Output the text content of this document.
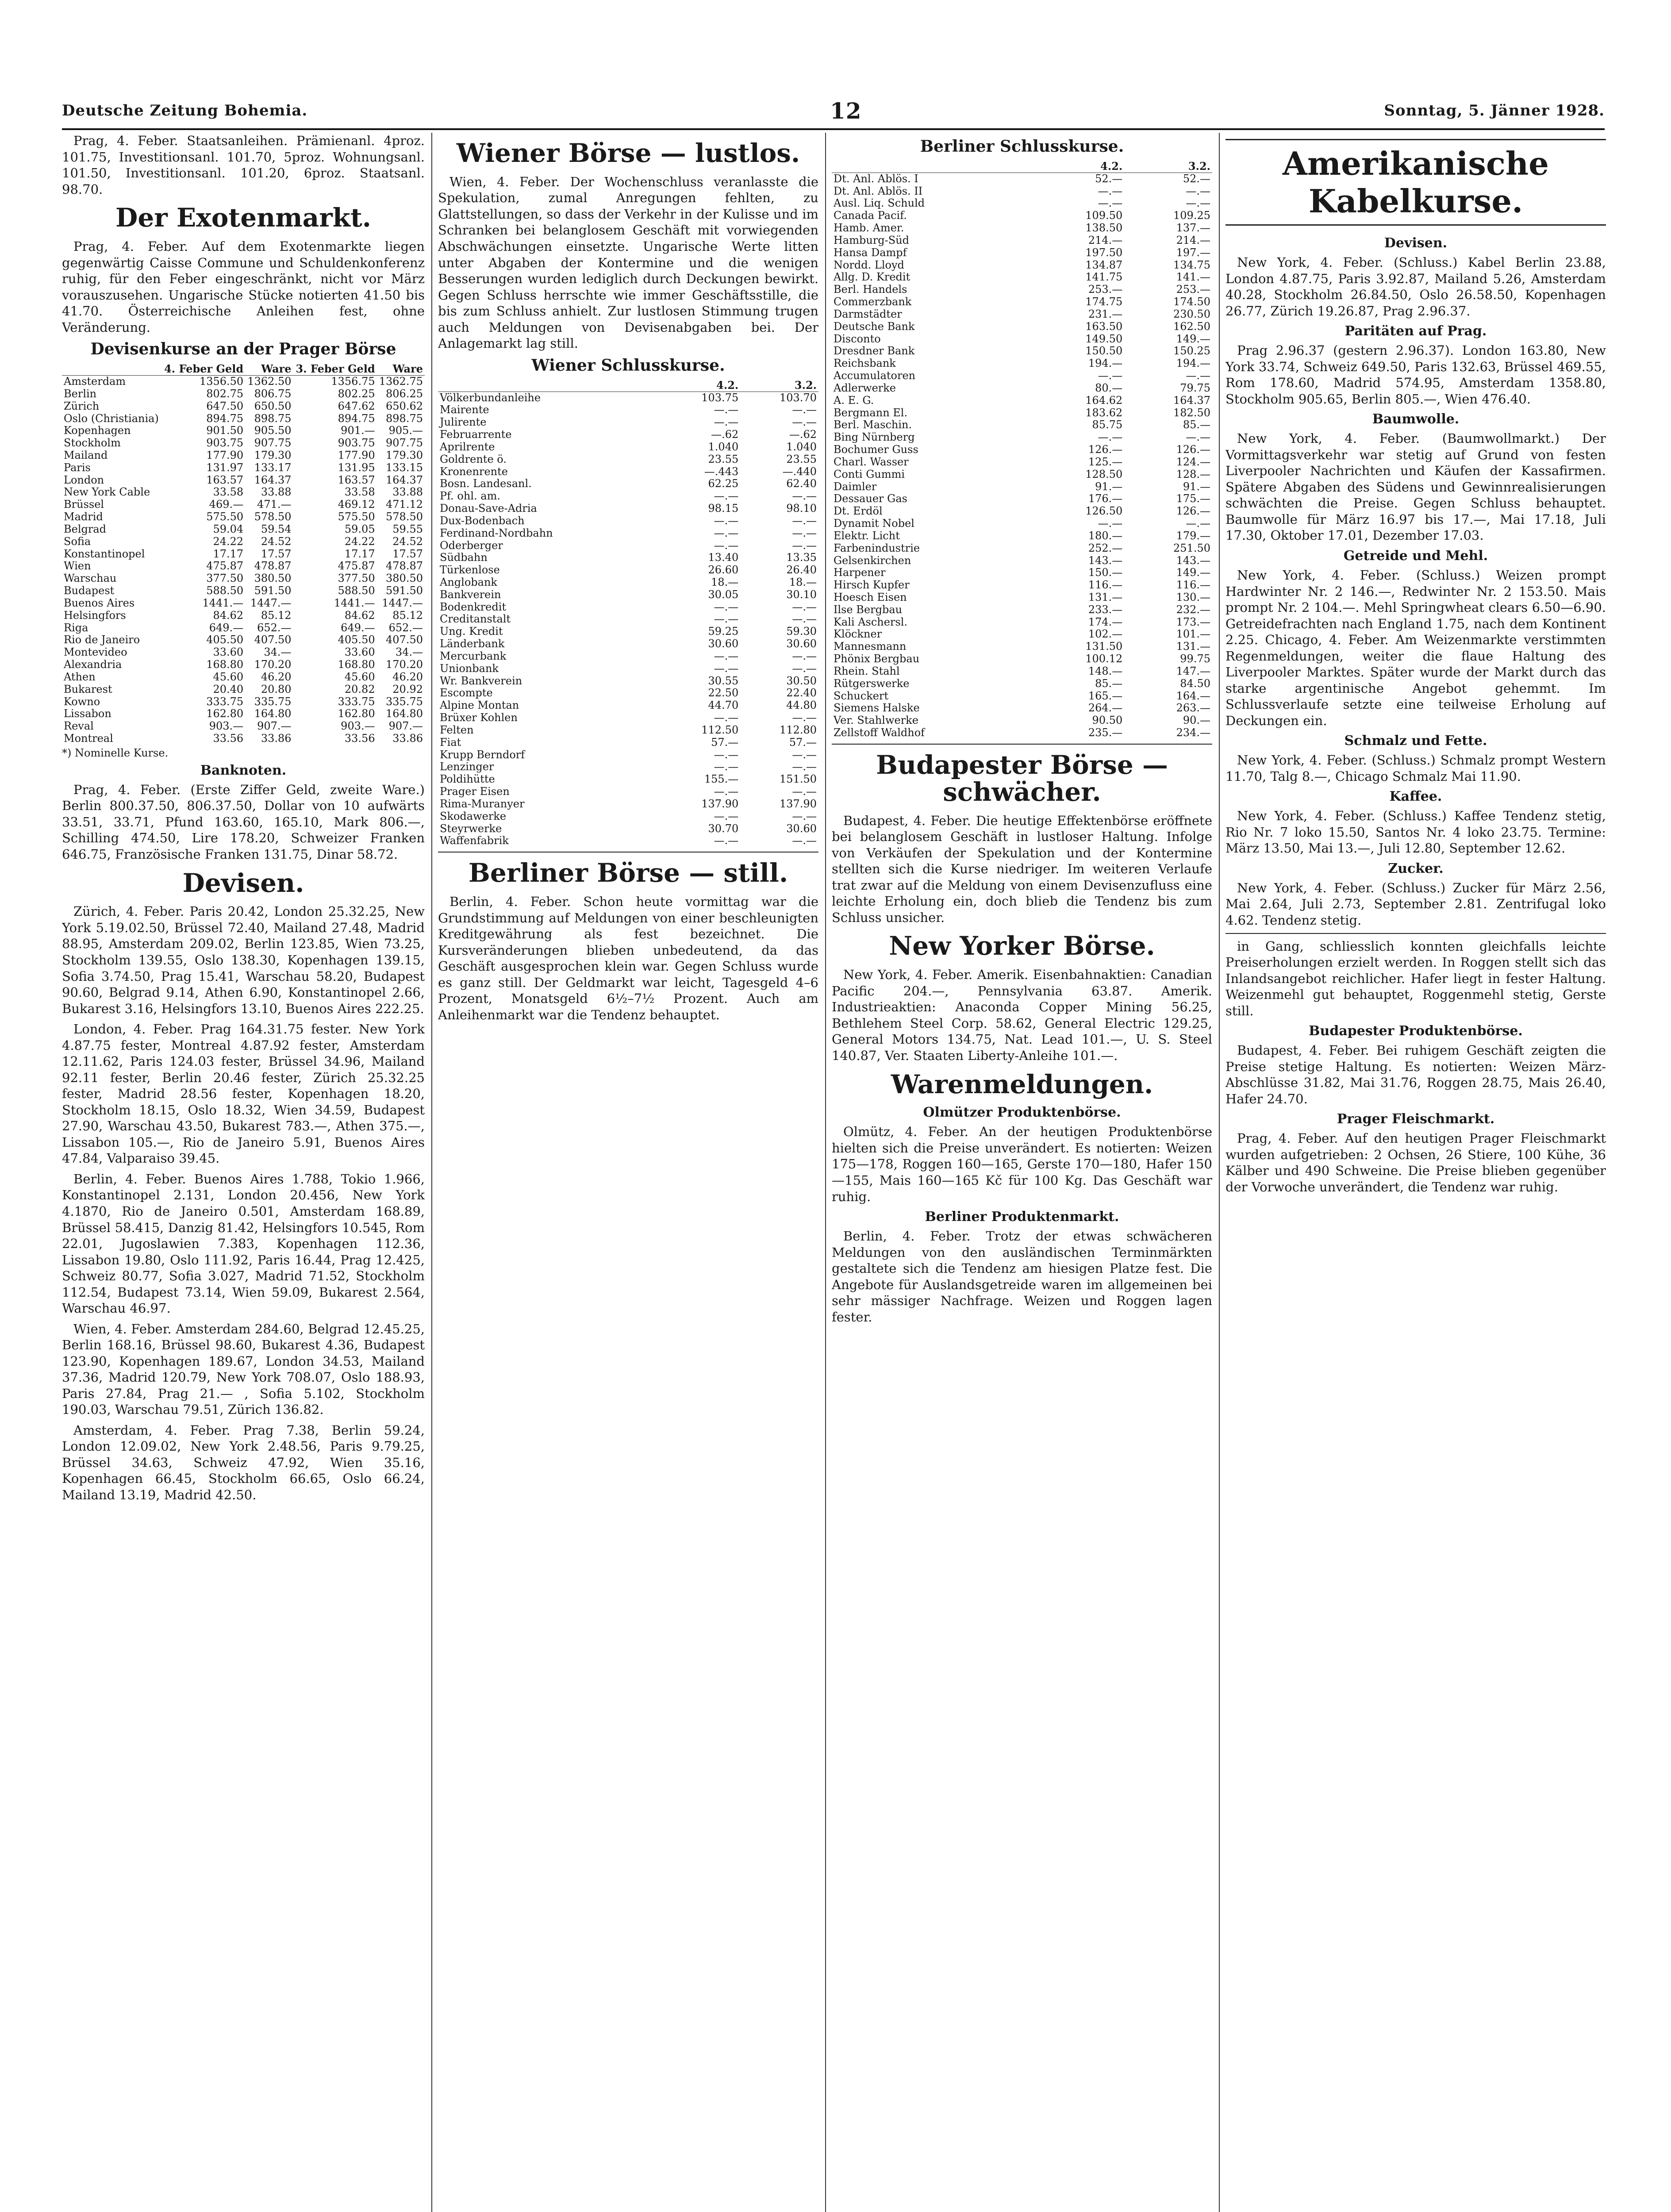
Deutsche Zeitung Bohemia.	12	Sonntag, 5. Jänner 1928.

Prag, 4. Feber. Staatsanleihen. Prämienanl. 4proz. 101.75, Investitionsanl. 101.70, 5proz. Wohnungsanl. 101.50, Investitionsanl. 101.20, 6proz. Staatsanl. 98.70.

Der Exotenmarkt.

Prag, 4. Feber. Auf dem Exotenmarkte liegen gegenwärtig Caisse Commune und Schuldenkonferenz ruhig, für den Feber eingeschränkt, nicht vor März vorauszusehen. Ungarische Stücke notierten 41.50 bis 41.70. Österreichische Anleihen fest, ohne Veränderung.

Devisenkurse an der Prager Börse
	4. Feber Geld	Ware	3. Feber Geld	Ware
Amsterdam	1356.50	1362.50	1356.75	1362.75
Berlin	802.75	806.75	802.25	806.25
Zürich	647.50	650.50	647.62	650.62
Oslo (Christiania)	894.75	898.75	894.75	898.75
Kopenhagen	901.50	905.50	901.—	905.—
Stockholm	903.75	907.75	903.75	907.75
Mailand	177.90	179.30	177.90	179.30
Paris	131.97	133.17	131.95	133.15
London	163.57	164.37	163.57	164.37
New York Cable	33.58	33.88	33.58	33.88
Brüssel	469.—	471.—	469.12	471.12
Madrid	575.50	578.50	575.50	578.50
Belgrad	59.04	59.54	59.05	59.55
Sofia	24.22	24.52	24.22	24.52
Konstantinopel	17.17	17.57	17.17	17.57
Wien	475.87	478.87	475.87	478.87
Warschau	377.50	380.50	377.50	380.50
Budapest	588.50	591.50	588.50	591.50
Buenos Aires	1441.—	1447.—	1441.—	1447.—
Helsingfors	84.62	85.12	84.62	85.12
Riga	649.—	652.—	649.—	652.—
Rio de Janeiro	405.50	407.50	405.50	407.50
Montevideo	33.60	34.—	33.60	34.—
Alexandria	168.80	170.20	168.80	170.20
Athen	45.60	46.20	45.60	46.20
Bukarest	20.40	20.80	20.82	20.92
Kowno	333.75	335.75	333.75	335.75
Lissabon	162.80	164.80	162.80	164.80
Reval	903.—	907.—	903.—	907.—
Montreal	33.56	33.86	33.56	33.86
*) Nominelle Kurse.
Banknoten.

Prag, 4. Feber. (Erste Ziffer Geld, zweite Ware.) Berlin 800.37.50, 806.37.50, Dollar von 10 aufwärts 33.51, 33.71, Pfund 163.60, 165.10, Mark 806.—, Schilling 474.50, Lire 178.20, Schweizer Franken 646.75, Französische Franken 131.75, Dinar 58.72.

Devisen.

Zürich, 4. Feber. Paris 20.42, London 25.32.25, New York 5.19.02.50, Brüssel 72.40, Mailand 27.48, Madrid 88.95, Amsterdam 209.02, Berlin 123.85, Wien 73.25, Stockholm 139.55, Oslo 138.30, Kopenhagen 139.15, Sofia 3.74.50, Prag 15.41, Warschau 58.20, Budapest 90.60, Belgrad 9.14, Athen 6.90, Konstantinopel 2.66, Bukarest 3.16, Helsingfors 13.10, Buenos Aires 222.25.

London, 4. Feber. Prag 164.31.75 fester. New York 4.87.75 fester, Montreal 4.87.92 fester, Amsterdam 12.11.62, Paris 124.03 fester, Brüssel 34.96, Mailand 92.11 fester, Berlin 20.46 fester, Zürich 25.32.25 fester, Madrid 28.56 fester, Kopenhagen 18.20, Stockholm 18.15, Oslo 18.32, Wien 34.59, Budapest 27.90, Warschau 43.50, Bukarest 783.—, Athen 375.—, Lissabon 105.—, Rio de Janeiro 5.91, Buenos Aires 47.84, Valparaiso 39.45.

Berlin, 4. Feber. Buenos Aires 1.788, Tokio 1.966, Konstantinopel 2.131, London 20.456, New York 4.1870, Rio de Janeiro 0.501, Amsterdam 168.89, Brüssel 58.415, Danzig 81.42, Helsingfors 10.545, Rom 22.01, Jugoslawien 7.383, Kopenhagen 112.36, Lissabon 19.80, Oslo 111.92, Paris 16.44, Prag 12.425, Schweiz 80.77, Sofia 3.027, Madrid 71.52, Stockholm 112.54, Budapest 73.14, Wien 59.09, Bukarest 2.564, Warschau 46.97.

Wien, 4. Feber. Amsterdam 284.60, Belgrad 12.45.25, Berlin 168.16, Brüssel 98.60, Bukarest 4.36, Budapest 123.90, Kopenhagen 189.67, London 34.53, Mailand 37.36, Madrid 120.79, New York 708.07, Oslo 188.93, Paris 27.84, Prag 21.— , Sofia 5.102, Stockholm 190.03, Warschau 79.51, Zürich 136.82.

Amsterdam, 4. Feber. Prag 7.38, Berlin 59.24, London 12.09.02, New York 2.48.56, Paris 9.79.25, Brüssel 34.63, Schweiz 47.92, Wien 35.16, Kopenhagen 66.45, Stockholm 66.65, Oslo 66.24, Mailand 13.19, Madrid 42.50.

Wiener Börse — lustlos.

Wien, 4. Feber. Der Wochenschluss veranlasste die Spekulation, zumal Anregungen fehlten, zu Glattstellungen, so dass der Verkehr in der Kulisse und im Schranken bei belanglosem Geschäft mit vorwiegenden Abschwächungen einsetzte. Ungarische Werte litten unter Abgaben der Kontermine und die wenigen Besserungen wurden lediglich durch Deckungen bewirkt. Gegen Schluss herrschte wie immer Geschäftsstille, die bis zum Schluss anhielt. Zur lustlosen Stimmung trugen auch Meldungen von Devisenabgaben bei. Der Anlagemarkt lag still.

Wiener Schlusskurse.
	4.2.	3.2.
Völkerbundanleihe	103.75	103.70
Mairente	—.—	—.—
Julirente	—.—	—.—
Februarrente	—.62	—.62
Aprilrente	1.040	1.040
Goldrente ö.	23.55	23.55
Kronenrente	—.443	—.440
Bosn. Landesanl.	62.25	62.40
Pf. ohl. am.	—.—	—.—
Donau-Save-Adria	98.15	98.10
Dux-Bodenbach	—.—	—.—
Ferdinand-Nordbahn	—.—	—.—
Oderberger	—.—	—.—
Südbahn	13.40	13.35
Türkenlose	26.60	26.40
Anglobank	18.—	18.—
Bankverein	30.05	30.10
Bodenkredit	—.—	—.—
Creditanstalt	—.—	—.—
Ung. Kredit	59.25	59.30
Länderbank	30.60	30.60
Mercurbank	—.—	—.—
Unionbank	—.—	—.—
Wr. Bankverein	30.55	30.50
Escompte	22.50	22.40
Alpine Montan	44.70	44.80
Brüxer Kohlen	—.—	—.—
Felten	112.50	112.80
Fiat	57.—	57.—
Krupp Berndorf	—.—	—.—
Lenzinger	—.—	—.—
Poldihütte	155.—	151.50
Prager Eisen	—.—	—.—
Rima-Muranyer	137.90	137.90
Skodawerke	—.—	—.—
Steyrwerke	30.70	30.60
Waffenfabrik	—.—	—.—
Berliner Börse — still.

Berlin, 4. Feber. Schon heute vormittag war die Grundstimmung auf Meldungen von einer beschleunigten Kreditgewährung als fest bezeichnet. Die Kursveränderungen blieben unbedeutend, da das Geschäft ausgesprochen klein war. Gegen Schluss wurde es ganz still. Der Geldmarkt war leicht, Tagesgeld 4–6 Prozent, Monatsgeld 6½–7½ Prozent. Auch am Anleihenmarkt war die Tendenz behauptet.

Berliner Schlusskurse.
	4.2.	3.2.
Dt. Anl. Ablös. I	52.—	52.—
Dt. Anl. Ablös. II	—.—	—.—
Ausl. Liq. Schuld	—.—	—.—
Canada Pacif.	109.50	109.25
Hamb. Amer.	138.50	137.—
Hamburg-Süd	214.—	214.—
Hansa Dampf	197.50	197.—
Nordd. Lloyd	134.87	134.75
Allg. D. Kredit	141.75	141.—
Berl. Handels	253.—	253.—
Commerzbank	174.75	174.50
Darmstädter	231.—	230.50
Deutsche Bank	163.50	162.50
Disconto	149.50	149.—
Dresdner Bank	150.50	150.25
Reichsbank	194.—	194.—
Accumulatoren	—.—	—.—
Adlerwerke	80.—	79.75
A. E. G.	164.62	164.37
Bergmann El.	183.62	182.50
Berl. Maschin.	85.75	85.—
Bing Nürnberg	—.—	—.—
Bochumer Guss	126.—	126.—
Charl. Wasser	125.—	124.—
Conti Gummi	128.50	128.—
Daimler	91.—	91.—
Dessauer Gas	176.—	175.—
Dt. Erdöl	126.50	126.—
Dynamit Nobel	—.—	—.—
Elektr. Licht	180.—	179.—
Farbenindustrie	252.—	251.50
Gelsenkirchen	143.—	143.—
Harpener	150.—	149.—
Hirsch Kupfer	116.—	116.—
Hoesch Eisen	131.—	130.—
Ilse Bergbau	233.—	232.—
Kali Aschersl.	174.—	173.—
Klöckner	102.—	101.—
Mannesmann	131.50	131.—
Phönix Bergbau	100.12	99.75
Rhein. Stahl	148.—	147.—
Rütgerswerke	85.—	84.50
Schuckert	165.—	164.—
Siemens Halske	264.—	263.—
Ver. Stahlwerke	90.50	90.—
Zellstoff Waldhof	235.—	234.—
Budapester Börse — schwächer.

Budapest, 4. Feber. Die heutige Effektenbörse eröffnete bei belanglosem Geschäft in lustloser Haltung. Infolge von Verkäufen der Spekulation und der Kontermine stellten sich die Kurse niedriger. Im weiteren Verlaufe trat zwar auf die Meldung von einem Devisenzufluss eine leichte Erholung ein, doch blieb die Tendenz bis zum Schluss unsicher.

New Yorker Börse.

New York, 4. Feber. Amerik. Eisenbahnaktien: Canadian Pacific 204.—, Pennsylvania 63.87. Amerik. Industrieaktien: Anaconda Copper Mining 56.25, Bethlehem Steel Corp. 58.62, General Electric 129.25, General Motors 134.75, Nat. Lead 101.—, U. S. Steel 140.87, Ver. Staaten Liberty-Anleihe 101.—.

Warenmeldungen.
Olmützer Produktenbörse.

Olmütz, 4. Feber. An der heutigen Produktenbörse hielten sich die Preise unverändert. Es notierten: Weizen 175—178, Roggen 160—165, Gerste 170—180, Hafer 150—155, Mais 160—165 Kč für 100 Kg. Das Geschäft war ruhig.

Berliner Produktenmarkt.

Berlin, 4. Feber. Trotz der etwas schwächeren Meldungen von den ausländischen Terminmärkten gestaltete sich die Tendenz am hiesigen Platze fest. Die Angebote für Auslandsgetreide waren im allgemeinen bei sehr mässiger Nachfrage. Weizen und Roggen lagen fester.

Amerikanische Kabelkurse.
Devisen.

New York, 4. Feber. (Schluss.) Kabel Berlin 23.88, London 4.87.75, Paris 3.92.87, Mailand 5.26, Amsterdam 40.28, Stockholm 26.84.50, Oslo 26.58.50, Kopenhagen 26.77, Zürich 19.26.87, Prag 2.96.37.

Paritäten auf Prag.

Prag 2.96.37 (gestern 2.96.37). London 163.80, New York 33.74, Schweiz 649.50, Paris 132.63, Brüssel 469.55, Rom 178.60, Madrid 574.95, Amsterdam 1358.80, Stockholm 905.65, Berlin 805.—, Wien 476.40.

Baumwolle.

New York, 4. Feber. (Baumwollmarkt.) Der Vormittagsverkehr war stetig auf Grund von festen Liverpooler Nachrichten und Käufen der Kassafirmen. Spätere Abgaben des Südens und Gewinnrealisierungen schwächten die Preise. Gegen Schluss behauptet. Baumwolle für März 16.97 bis 17.—, Mai 17.18, Juli 17.30, Oktober 17.01, Dezember 17.03.

Getreide und Mehl.

New York, 4. Feber. (Schluss.) Weizen prompt Hardwinter Nr. 2 146.—, Redwinter Nr. 2 153.50. Mais prompt Nr. 2 104.—. Mehl Springwheat clears 6.50—6.90. Getreidefrachten nach England 1.75, nach dem Kontinent 2.25. Chicago, 4. Feber. Am Weizenmarkte verstimmten Regenmeldungen, weiter die flaue Haltung des Liverpooler Marktes. Später wurde der Markt durch das starke argentinische Angebot gehemmt. Im Schlussverlaufe setzte eine teilweise Erholung auf Deckungen ein.

Schmalz und Fette.

New York, 4. Feber. (Schluss.) Schmalz prompt Western 11.70, Talg 8.—, Chicago Schmalz Mai 11.90.

Kaffee.

New York, 4. Feber. (Schluss.) Kaffee Tendenz stetig, Rio Nr. 7 loko 15.50, Santos Nr. 4 loko 23.75. Termine: März 13.50, Mai 13.—, Juli 12.80, September 12.62.

Zucker.

New York, 4. Feber. (Schluss.) Zucker für März 2.56, Mai 2.64, Juli 2.73, September 2.81. Zentrifugal loko 4.62. Tendenz stetig.

in Gang, schliesslich konnten gleichfalls leichte Preiserholungen erzielt werden. In Roggen stellt sich das Inlandsangebot reichlicher. Hafer liegt in fester Haltung. Weizenmehl gut behauptet, Roggenmehl stetig, Gerste still.

Budapester Produktenbörse.

Budapest, 4. Feber. Bei ruhigem Geschäft zeigten die Preise stetige Haltung. Es notierten: Weizen März-Abschlüsse 31.82, Mai 31.76, Roggen 28.75, Mais 26.40, Hafer 24.70.

Prager Fleischmarkt.

Prag, 4. Feber. Auf den heutigen Prager Fleischmarkt wurden aufgetrieben: 2 Ochsen, 26 Stiere, 100 Kühe, 36 Kälber und 490 Schweine. Die Preise blieben gegenüber der Vorwoche unverändert, die Tendenz war ruhig.
